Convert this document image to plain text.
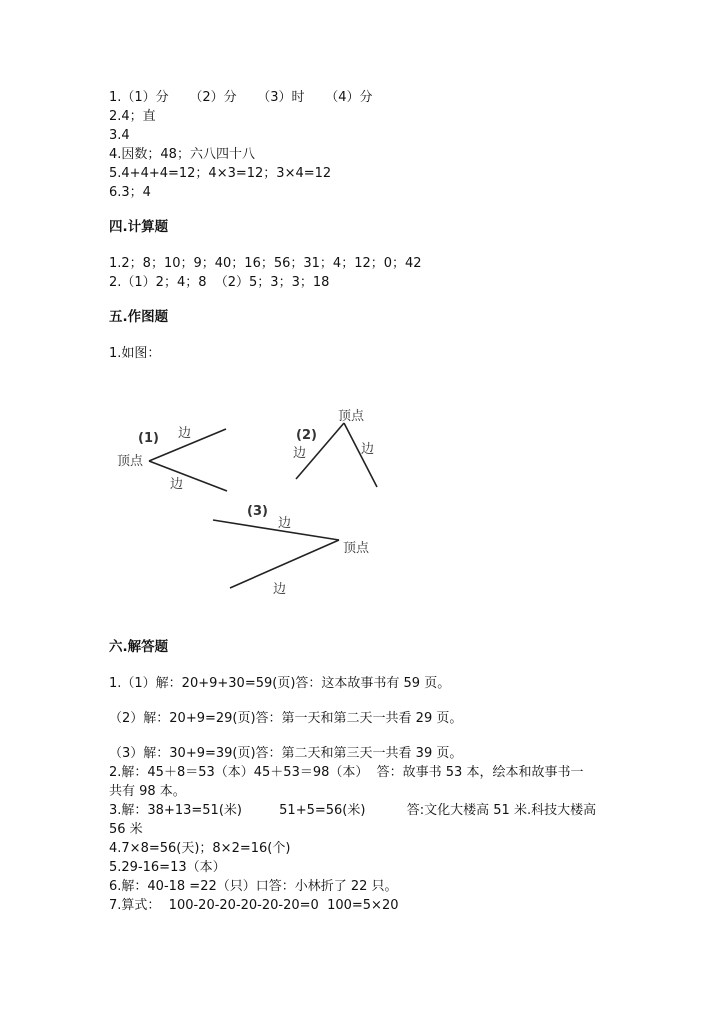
1.（1）分     （2）分     （3）时     （4）分
2.4；直
3.4
4.因数；48；六八四十八
5.4+4+4=12；4×3=12；3×4=12
6.3；4
四.计算题
1.2；8；10；9；40；16；56；31；4；12；0；42
2.（1）2；4；8  （2）5；3；3；18
五.作图题
1.如图：
(1)
顶点
边
边
顶点
(2)
边	边
(3)
边
顶点
边
六.解答题
1.（1）解：20+9+30=59(页)答：这本故事书有 59 页。
（2）解：20+9=29(页)答：第一天和第二天一共看 29 页。
（3）解：30+9=39(页)答：第二天和第三天一共看 39 页。
2.解：45＋8＝53（本）45＋53＝98（本）  答：故事书 53 本，绘本和故事书一
共有 98 本。
3.解：38+13=51(米)         51+5=56(米)          答:文化大楼高 51 米.科技大楼高
56 米
4.7×8=56(天)；8×2=16(个)
5.29-16=13（本）
6.解：40-18 =22（只）口答：小林折了 22 只。
7.算式：  100-20-20-20-20-20=0  100=5×20
